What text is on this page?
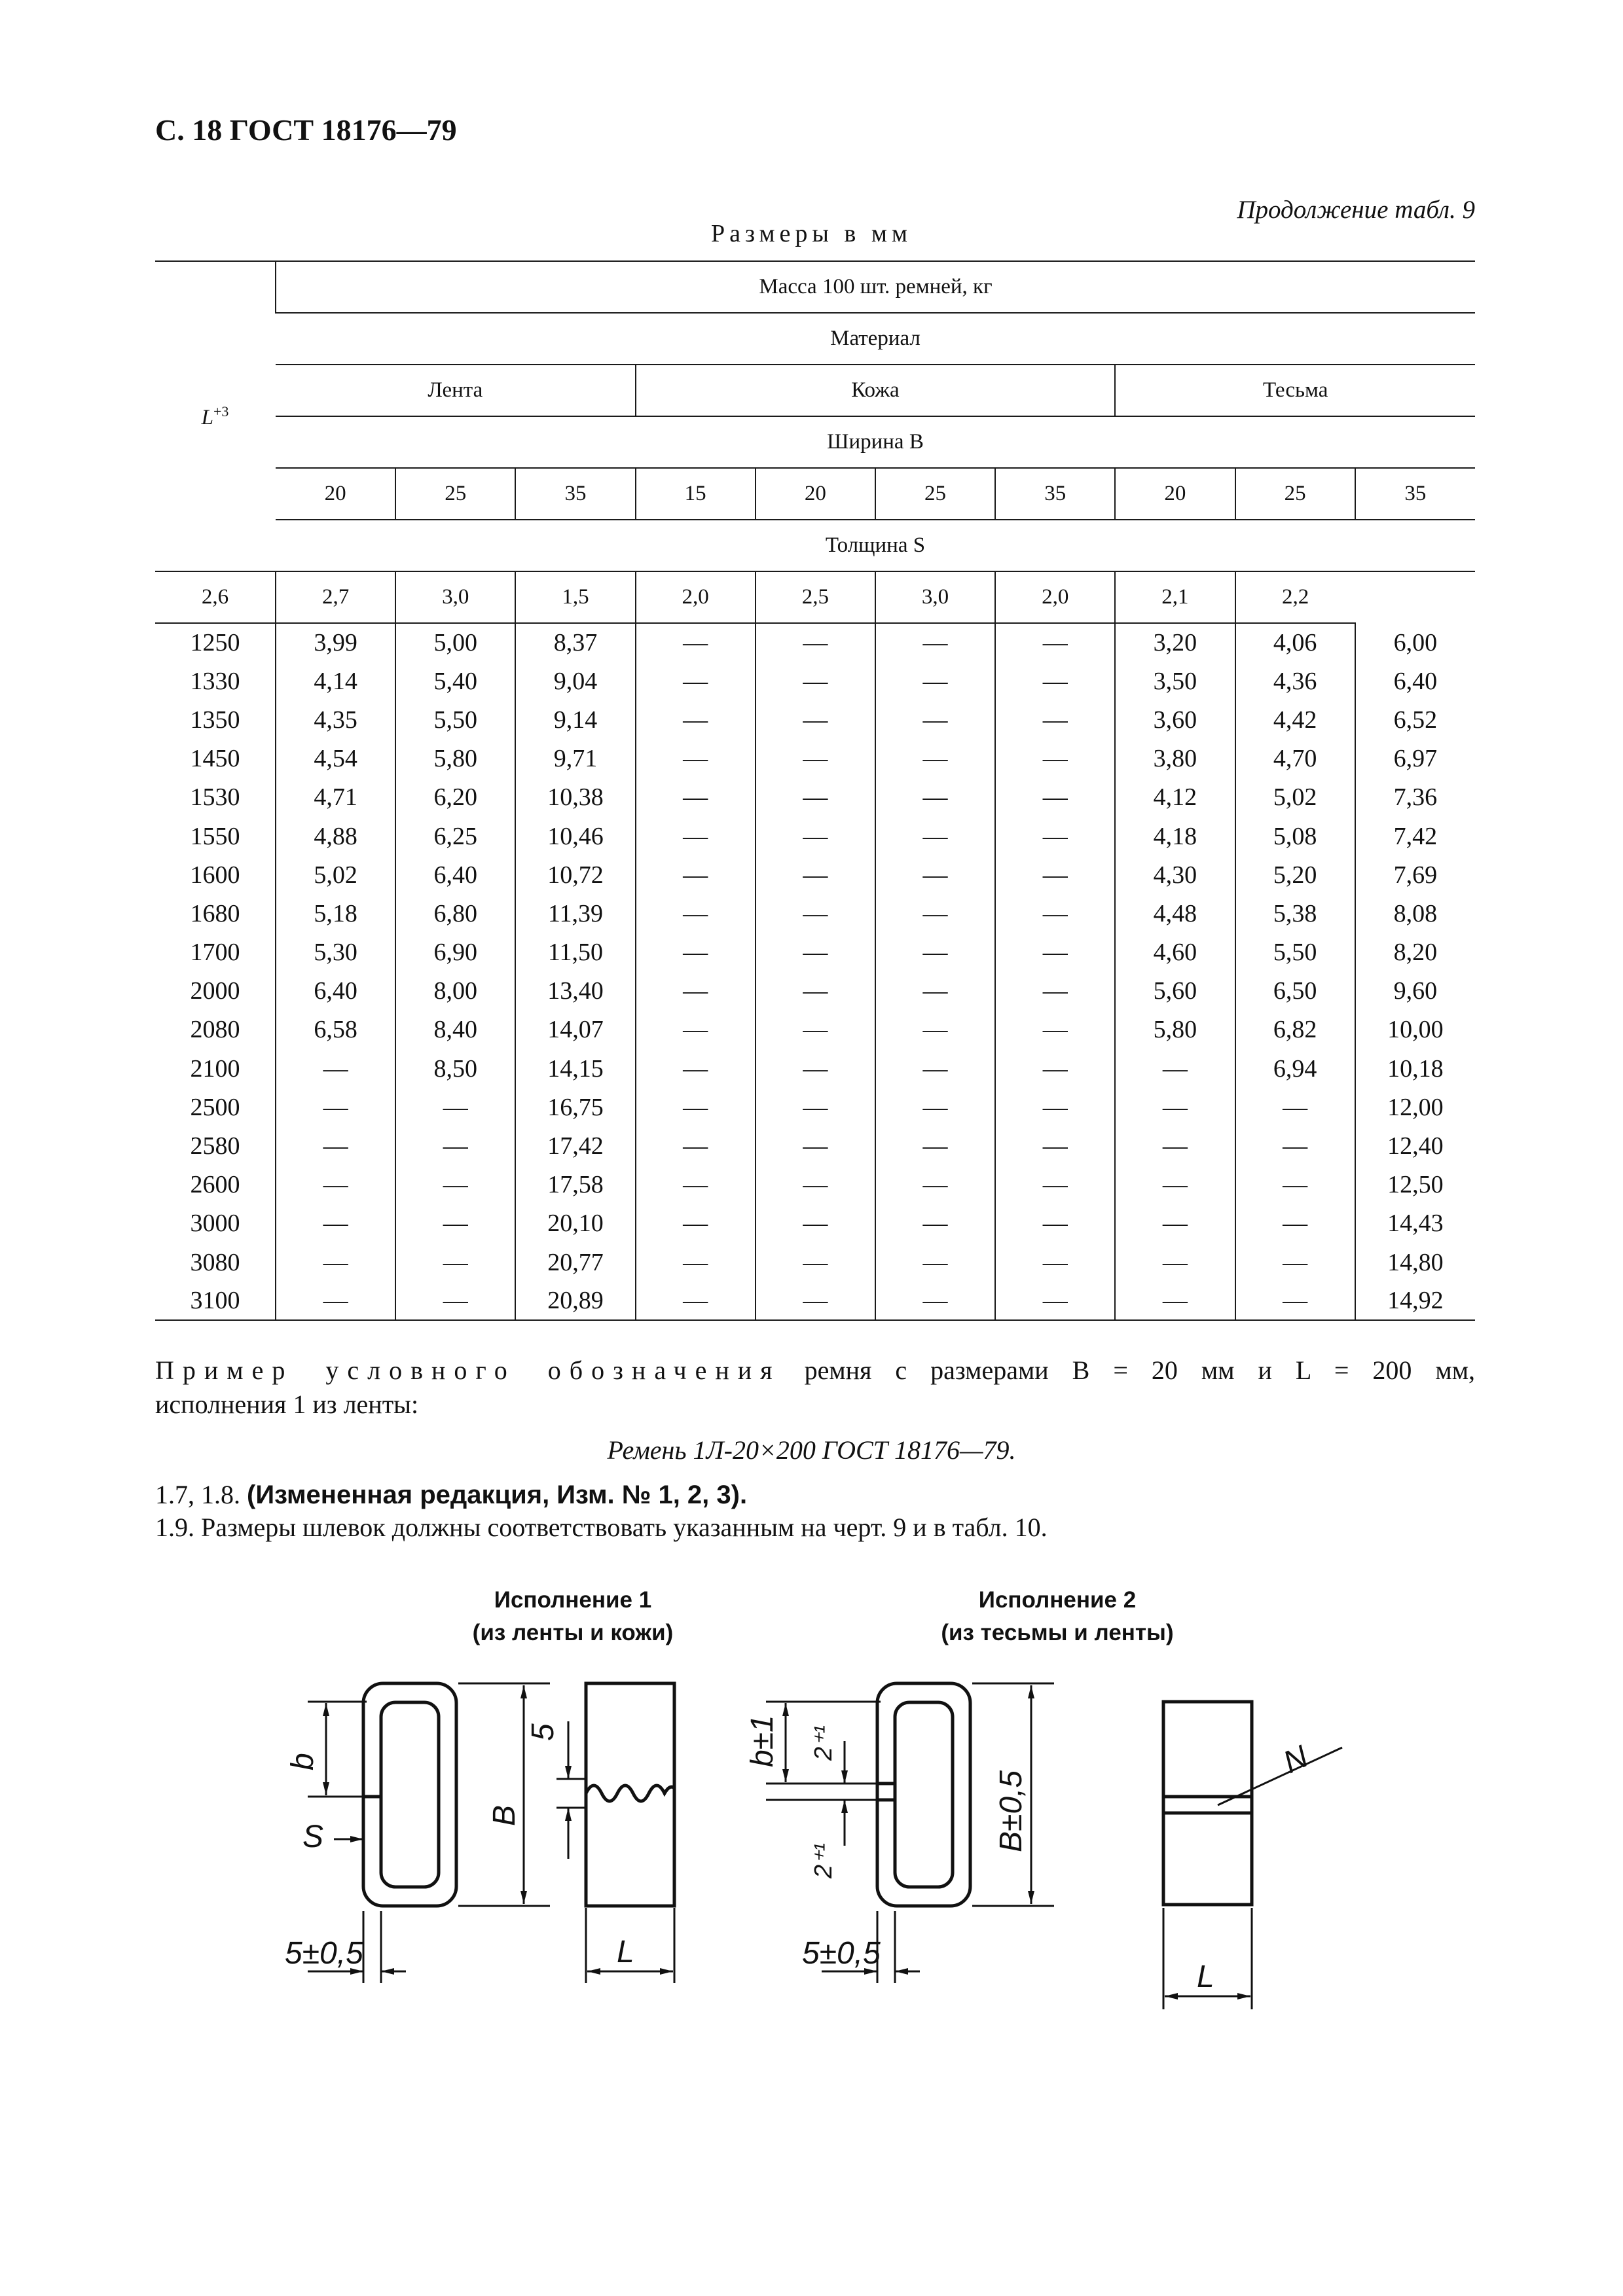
С. 18 ГОСТ 18176—79
Продолжение табл. 9
Размеры в мм
$L^{+3}$	Масса 100 шт. ремней, кг									
	Материал									
	Лента			Кожа				Тесьма		
	Ширина B									
	20	25	35	15	20	25	35	20	25	35
	Толщина S									
2,6	2,7	3,0	1,5	2,0	2,5	3,0	2,0	2,1	2,2	
1250	3,99	5,00	8,37	—	—	—	—	3,20	4,06	6,00
1330	4,14	5,40	9,04	—	—	—	—	3,50	4,36	6,40
1350	4,35	5,50	9,14	—	—	—	—	3,60	4,42	6,52
1450	4,54	5,80	9,71	—	—	—	—	3,80	4,70	6,97
1530	4,71	6,20	10,38	—	—	—	—	4,12	5,02	7,36
1550	4,88	6,25	10,46	—	—	—	—	4,18	5,08	7,42
1600	5,02	6,40	10,72	—	—	—	—	4,30	5,20	7,69
1680	5,18	6,80	11,39	—	—	—	—	4,48	5,38	8,08
1700	5,30	6,90	11,50	—	—	—	—	4,60	5,50	8,20
2000	6,40	8,00	13,40	—	—	—	—	5,60	6,50	9,60
2080	6,58	8,40	14,07	—	—	—	—	5,80	6,82	10,00
2100	—	8,50	14,15	—	—	—	—	—	6,94	10,18
2500	—	—	16,75	—	—	—	—	—	—	12,00
2580	—	—	17,42	—	—	—	—	—	—	12,40
2600	—	—	17,58	—	—	—	—	—	—	12,50
3000	—	—	20,10	—	—	—	—	—	—	14,43
3080	—	—	20,77	—	—	—	—	—	—	14,80
3100	—	—	20,89	—	—	—	—	—	—	14,92
Пример условного обозначения ремня с размерами B = 20 мм и L = 200 мм,
исполнения 1 из ленты:
Ремень 1Л-20×200 ГОСТ 18176—79.
1.7, 1.8. (Измененная редакция, Изм. № 1, 2, 3).
1.9. Размеры шлевок должны соответствовать указанным на черт. 9 и в табл. 10.
Исполнение 1
(из ленты и кожи)
Исполнение 2
(из тесьмы и ленты)
b
S
B
5±0,5
5
L
b±1 2⁺¹
2⁺¹
B±0,5
5±0,5
N
L
